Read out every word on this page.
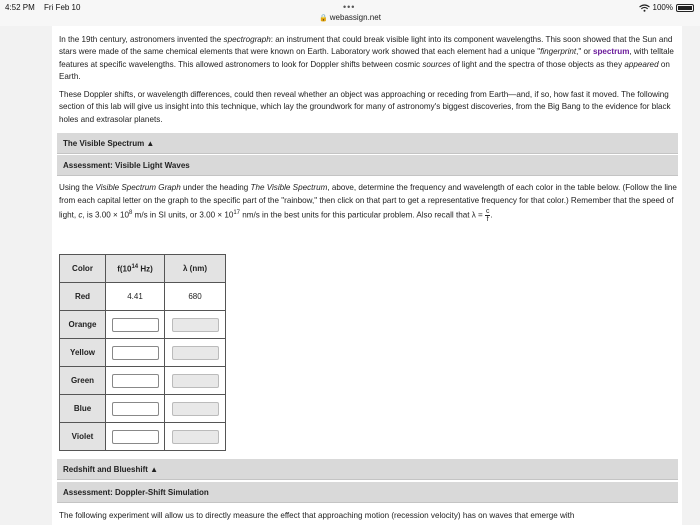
4:52 PM Fri Feb 10	•••
🔒 webassign.net
100%

In the 19th century, astronomers invented the spectrograph: an instrument that could break visible light into its component wavelengths. This soon showed that the Sun and stars were made of the same chemical elements that were known on Earth. Laboratory work showed that each element had a unique "fingerprint," or spectrum, with telltale features at specific wavelengths. This allowed astronomers to look for Doppler shifts between cosmic sources of light and the spectra of those objects as they appeared on Earth.

These Doppler shifts, or wavelength differences, could then reveal whether an object was approaching or receding from Earth—and, if so, how fast it moved. The following section of this lab will give us insight into this technique, which lay the groundwork for many of astronomy's biggest discoveries, from the Big Bang to the evidence for black holes and extrasolar planets.

The Visible Spectrum ▲
Assessment: Visible Light Waves

Using the Visible Spectrum Graph under the heading The Visible Spectrum, above, determine the frequency and wavelength of each color in the table below. (Follow the line from each capital letter on the graph to the specific part of the "rainbow," then click on that part to get a representative frequency for that color.) Remember that the speed of light, c, is $3.00 \times 10^8$ m/s in SI units, or $3.00 \times 10^{17}$ nm/s in the best units for this particular problem. Also recall that $\lambda = \frac{c}{f}$ .

Color	$f(10^{14}$ Hz)	λ (nm)
Red	4.41	680
Orange		
Yellow		
Green		
Blue		
Violet		
Redshift and Blueshift ▲
Assessment: Doppler-Shift Simulation

The following experiment will allow us to directly measure the effect that approaching motion (recession velocity) has on waves that emerge with
